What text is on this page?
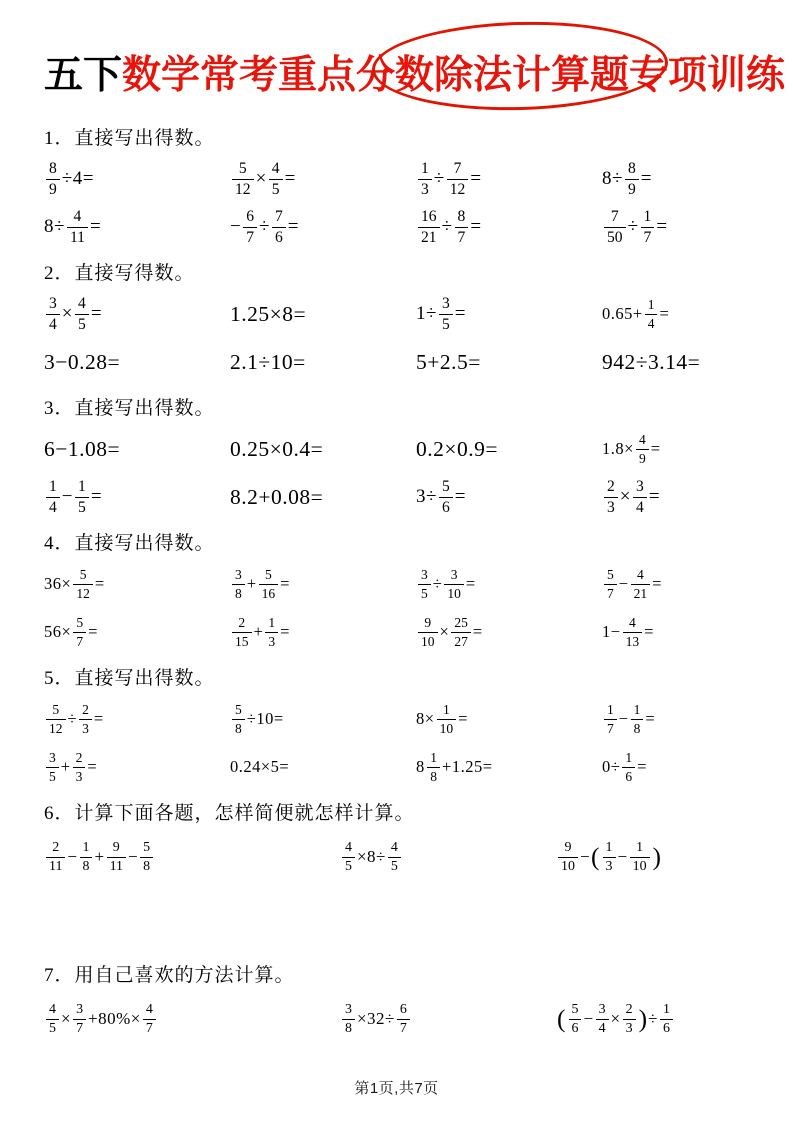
五下数学常考重点分数除法计算题专项训练
1．直接写出得数。
$\frac{8}{9} \div 4=$	$\frac{5}{12} \times \frac{4}{5}$ =	$\frac{1}{3} \div \frac{7}{12}$ =	$8\div \frac{8}{9}$ =
$8\div \frac{4}{11}$ =	− $\frac{6}{7} \div \frac{7}{6}$ =	$\frac{16}{21} \div \frac{8}{7}$ =	$\frac{7}{50} \div \frac{1}{7}$ =
2．直接写得数。
$\frac{3}{4} \times \frac{4}{5}$ =	1.25×8=	$1\div \frac{3}{5}$ =	$0.65+ \frac{1}{4}$ =
3−0.28=	2.1÷10=	5+2.5=	942÷3.14=
3．直接写出得数。
6−1.08=	0.25×0.4=	0.2×0.9=	$1.8\times \frac{4}{9}$ =
$\frac{1}{4} - \frac{1}{5}$ =	8.2+0.08=	$3\div \frac{5}{6}$ =	$\frac{2}{3} \times \frac{3}{4}$ =
4．直接写出得数。
$36\times \frac{5}{12}$ =	$\frac{3}{8} + \frac{5}{16}$ =	$\frac{3}{5} \div \frac{3}{10}$ =	$\frac{5}{7} - \frac{4}{21}$ =
$56\times \frac{5}{7}$ =	$\frac{2}{15} + \frac{1}{3}$ =	$\frac{9}{10} \times \frac{25}{27}$ =	$1- \frac{4}{13}$ =
5．直接写出得数。
$\frac{5}{12} \div \frac{2}{3}$ =	$\frac{5}{8} \div 10=$	$8\times \frac{1}{10}$ =	$\frac{1}{7} - \frac{1}{8}$ =
$\frac{3}{5} + \frac{2}{3}$ =	0.24×5=	$8 \frac{1}{8} +1.25=$	$0\div \frac{1}{6}$ =
6．计算下面各题，怎样简便就怎样计算。
$\frac{2}{11} - \frac{1}{8} + \frac{9}{11} - \frac{5}{8}$	$\frac{4}{5} \times 8\div \frac{4}{5}$	$\frac{9}{10}$ − ( $\frac{1}{3} - \frac{1}{10}$ )
7．用自己喜欢的方法计算。
$\frac{4}{5} \times \frac{3}{7} +80\%\times \frac{4}{7}$	$\frac{3}{8} \times 32\div \frac{6}{7}$	( $\frac{5}{6} - \frac{3}{4} \times \frac{2}{3}$ ) ÷ $\frac{1}{6}$
第1页,共7页
